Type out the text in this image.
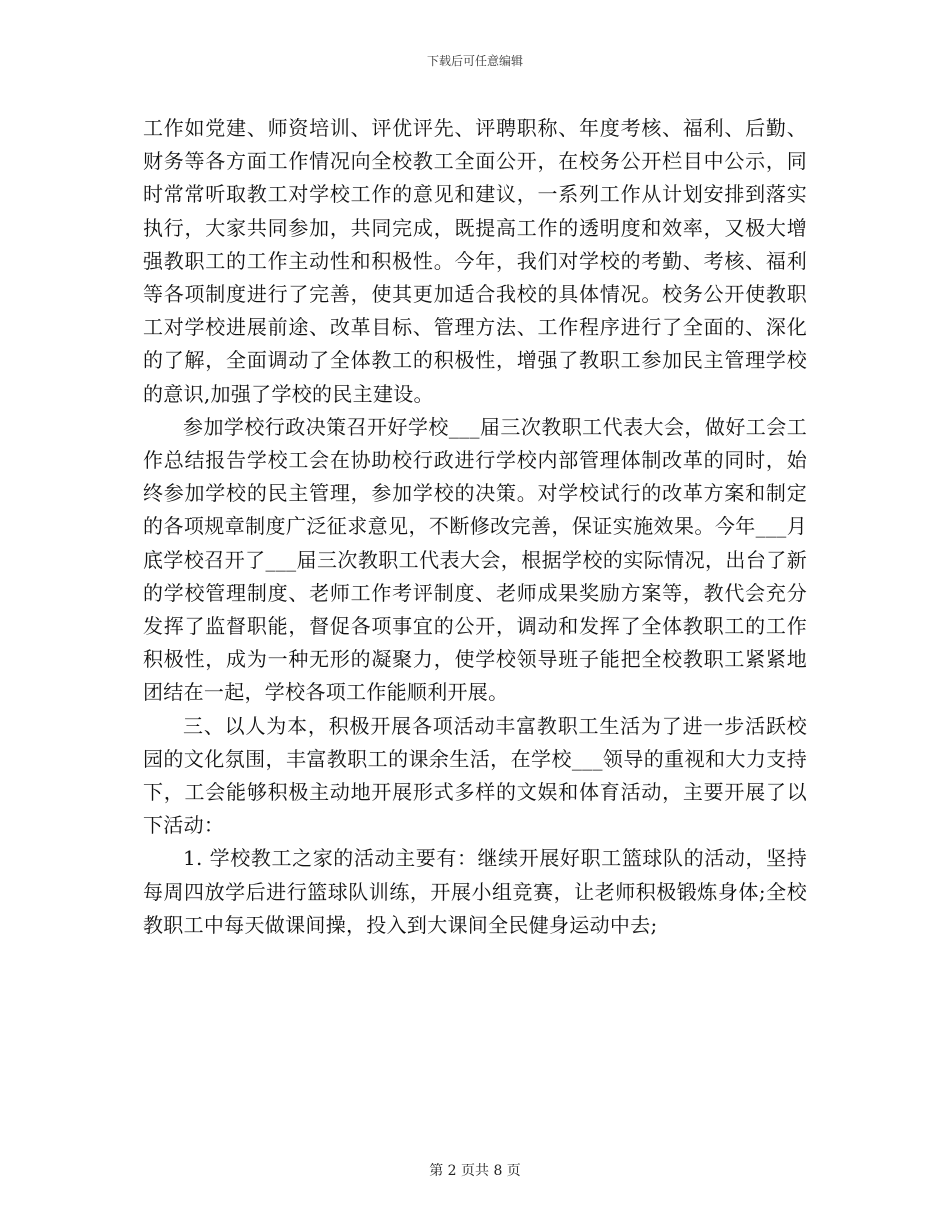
下载后可任意编辑

工作如党建、师资培训、评优评先、评聘职称、年度考核、福利、后勤、财务等各方面工作情况向全校教工全面公开，在校务公开栏目中公示，同时常常听取教工对学校工作的意见和建议，一系列工作从计划安排到落实执行，大家共同参加，共同完成，既提高工作的透明度和效率，又极大增强教职工的工作主动性和积极性。今年，我们对学校的考勤、考核、福利等各项制度进行了完善，使其更加适合我校的具体情况。校务公开使教职工对学校进展前途、改革目标、管理方法、工作程序进行了全面的、深化的了解，全面调动了全体教工的积极性，增强了教职工参加民主管理学校的意识,加强了学校的民主建设。

参加学校行政决策召开好学校___届三次教职工代表大会，做好工会工作总结报告学校工会在协助校行政进行学校内部管理体制改革的同时，始终参加学校的民主管理，参加学校的决策。对学校试行的改革方案和制定的各项规章制度广泛征求意见，不断修改完善，保证实施效果。今年___月底学校召开了___届三次教职工代表大会，根据学校的实际情况，出台了新的学校管理制度、老师工作考评制度、老师成果奖励方案等，教代会充分发挥了监督职能，督促各项事宜的公开，调动和发挥了全体教职工的工作积极性，成为一种无形的凝聚力，使学校领导班子能把全校教职工紧紧地团结在一起，学校各项工作能顺利开展。

三、以人为本，积极开展各项活动丰富教职工生活为了进一步活跃校园的文化氛围，丰富教职工的课余生活，在学校___领导的重视和大力支持下，工会能够积极主动地开展形式多样的文娱和体育活动，主要开展了以下活动：

1. 学校教工之家的活动主要有：继续开展好职工篮球队的活动，坚持每周四放学后进行篮球队训练，开展小组竞赛，让老师积极锻炼身体;全校教职工中每天做课间操，投入到大课间全民健身运动中去;

第 2 页共 8 页
